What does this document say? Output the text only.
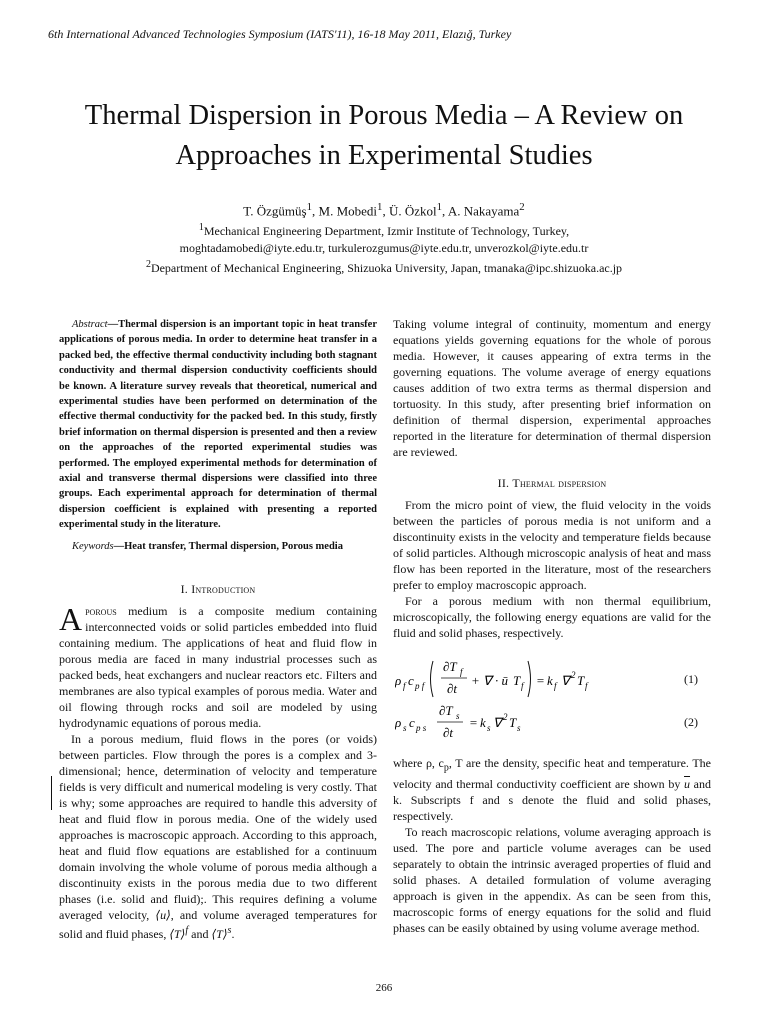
6th International Advanced Technologies Symposium (IATS'11), 16-18 May 2011, Elazığ, Turkey
Thermal Dispersion in Porous Media – A Review on
Approaches in Experimental Studies
T. Özgümüş$^1$, M. Mobedi$^1$, Ü. Özkol$^1$, A. Nakayama$^2$
$^1$Mechanical Engineering Department, Izmir Institute of Technology, Turkey,
moghtadamobedi@iyte.edu.tr, turkulerozgumus@iyte.edu.tr, unverozkol@iyte.edu.tr
$^2$Department of Mechanical Engineering, Shizuoka University, Japan, tmanaka@ipc.shizuoka.ac.jp
Abstract—Thermal dispersion is an important topic in heat transfer applications of porous media. In order to determine heat transfer in a packed bed, the effective thermal conductivity including both stagnant conductivity and thermal dispersion conductivity coefficients should be known. A literature survey reveals that theoretical, numerical and experimental studies have been performed on determination of the effective thermal conductivity for the packed bed. In this study, firstly brief information on thermal dispersion is presented and then a review on the approaches of the reported experimental studies was performed. The employed experimental methods for determination of axial and transverse thermal dispersions were classified into three groups. Each experimental approach for determination of thermal dispersion coefficient is explained with presenting a reported experimental study in the literature.
Keywords—Heat transfer, Thermal dispersion, Porous media
I. Introduction

Aporous medium is a composite medium containing interconnected voids or solid particles embedded into fluid containing medium. The applications of heat and fluid flow in porous media are faced in many industrial processes such as packed beds, heat exchangers and nuclear reactors etc. Filters and membranes are also typical examples of porous media. Water and oil flowing through rocks and soil are modeled by using hydrodynamic equations of porous media.

In a porous medium, fluid flows in the pores (or voids) between particles. Flow through the pores is a complex and 3-dimensional; hence, determination of velocity and temperature fields is very difficult and numerical modeling is very costly. That is why; some approaches are required to handle this adversity of heat and fluid flow in porous media. One of the widely used approaches is macroscopic approach. According to this approach, heat and fluid flow equations are established for a continuum domain involving the whole volume of porous media although a discontinuity exists in the porous media due to two different phases (i.e. solid and fluid);. This requires defining a volume averaged velocity, ⟨u⟩, and volume averaged temperatures for solid and fluid phases, ⟨T⟩$^f$ and ⟨T⟩$^s$.

Taking volume integral of continuity, momentum and energy equations yields governing equations for the whole of porous media. However, it causes appearing of extra terms in the governing equations. The volume average of energy equations causes addition of two extra terms as thermal dispersion and tortuosity. In this study, after presenting brief information on definition of thermal dispersion, experimental approaches reported in the literature for determination of thermal dispersion are reviewed.

II. Thermal dispersion

From the micro point of view, the fluid velocity in the voids between the particles of porous media is not uniform and a discontinuity exists in the velocity and temperature fields because of solid particles. Although microscopic analysis of heat and mass flow has been reported in the literature, most of the researchers prefer to employ macroscopic approach.

For a porous medium with non thermal equilibrium, microscopically, the following energy equations are valid for the fluid and solid phases, respectively.

ρ f c p f
∂T f
∂t
+ ∇ · ū T f = k f ∇ 2 T f	(1)
ρ s c p s
∂T s
∂t
= k s ∇ 2 T s	(2)

where ρ, $c_p$, T are the density, specific heat and temperature. The velocity and thermal conductivity coefficient are shown by $\overline{u}$ and k. Subscripts f and s denote the fluid and solid phases, respectively.

To reach macroscopic relations, volume averaging approach is used. The pore and particle volume averages can be used separately to obtain the intrinsic averaged properties of fluid and solid phases. A detailed formulation of volume averaging approach is given in the appendix. As can be seen from this, macroscopic forms of energy equations for the solid and fluid phases can be easily obtained by using volume average method.

266
